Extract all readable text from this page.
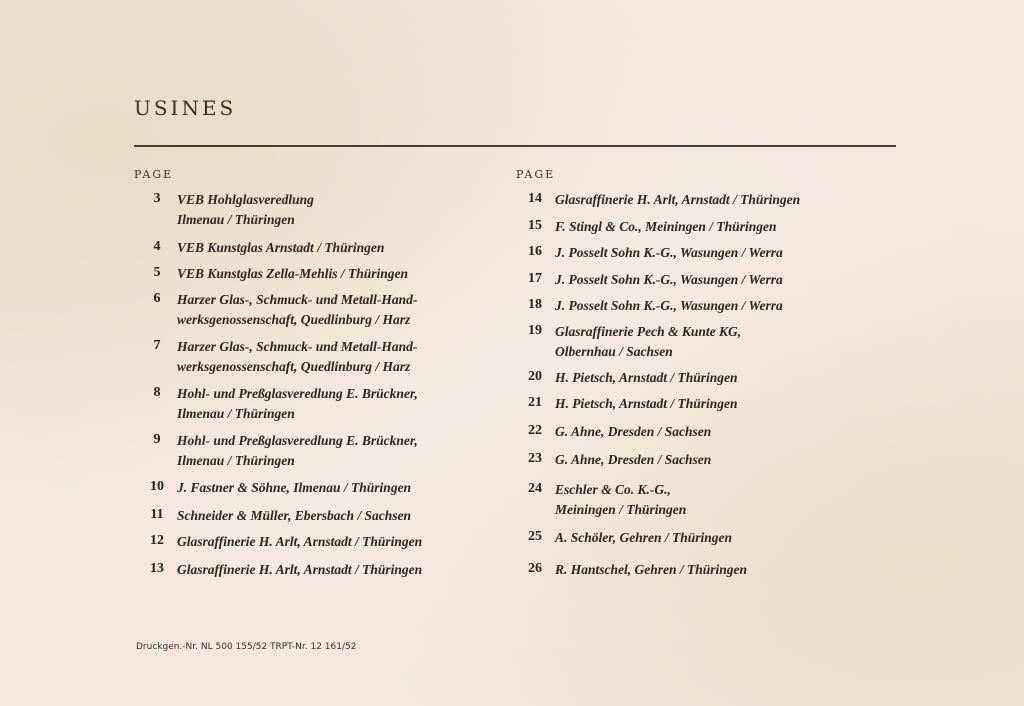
USINES
PAGE	PAGE
3	VEB Hohlglasveredlung
Ilmenau / Thüringen
4	VEB Kunstglas Arnstadt / Thüringen
5	VEB Kunstglas Zella-Mehlis / Thüringen
6	Harzer Glas-, Schmuck- und Metall-Hand-
werksgenossenschaft, Quedlinburg / Harz
7	Harzer Glas-, Schmuck- und Metall-Hand-
werksgenossenschaft, Quedlinburg / Harz
8	Hohl- und Preßglasveredlung E. Brückner,
Ilmenau / Thüringen
9	Hohl- und Preßglasveredlung E. Brückner,
Ilmenau / Thüringen
10 J. Fastner & Söhne, Ilmenau / Thüringen
11 Schneider & Müller, Ebersbach / Sachsen
12 Glasraffinerie H. Arlt, Arnstadt / Thüringen
13 Glasraffinerie H. Arlt, Arnstadt / Thüringen
14 Glasraffinerie H. Arlt, Arnstadt / Thüringen
15 F. Stingl & Co., Meiningen / Thüringen
16 J. Posselt Sohn K.-G., Wasungen / Werra
17 J. Posselt Sohn K.-G., Wasungen / Werra
18 J. Posselt Sohn K.-G., Wasungen / Werra
19 Glasraffinerie Pech & Kunte KG,
Olbernhau / Sachsen
20 H. Pietsch, Arnstadt / Thüringen
21 H. Pietsch, Arnstadt / Thüringen
22 G. Ahne, Dresden / Sachsen
23 G. Ahne, Dresden / Sachsen
24 Eschler & Co. K.-G.,
Meiningen / Thüringen
25 A. Schöler, Gehren / Thüringen
26 R. Hantschel, Gehren / Thüringen
Druckgen.-Nr. NL 500 155/52 TRPT-Nr. 12 161/52
